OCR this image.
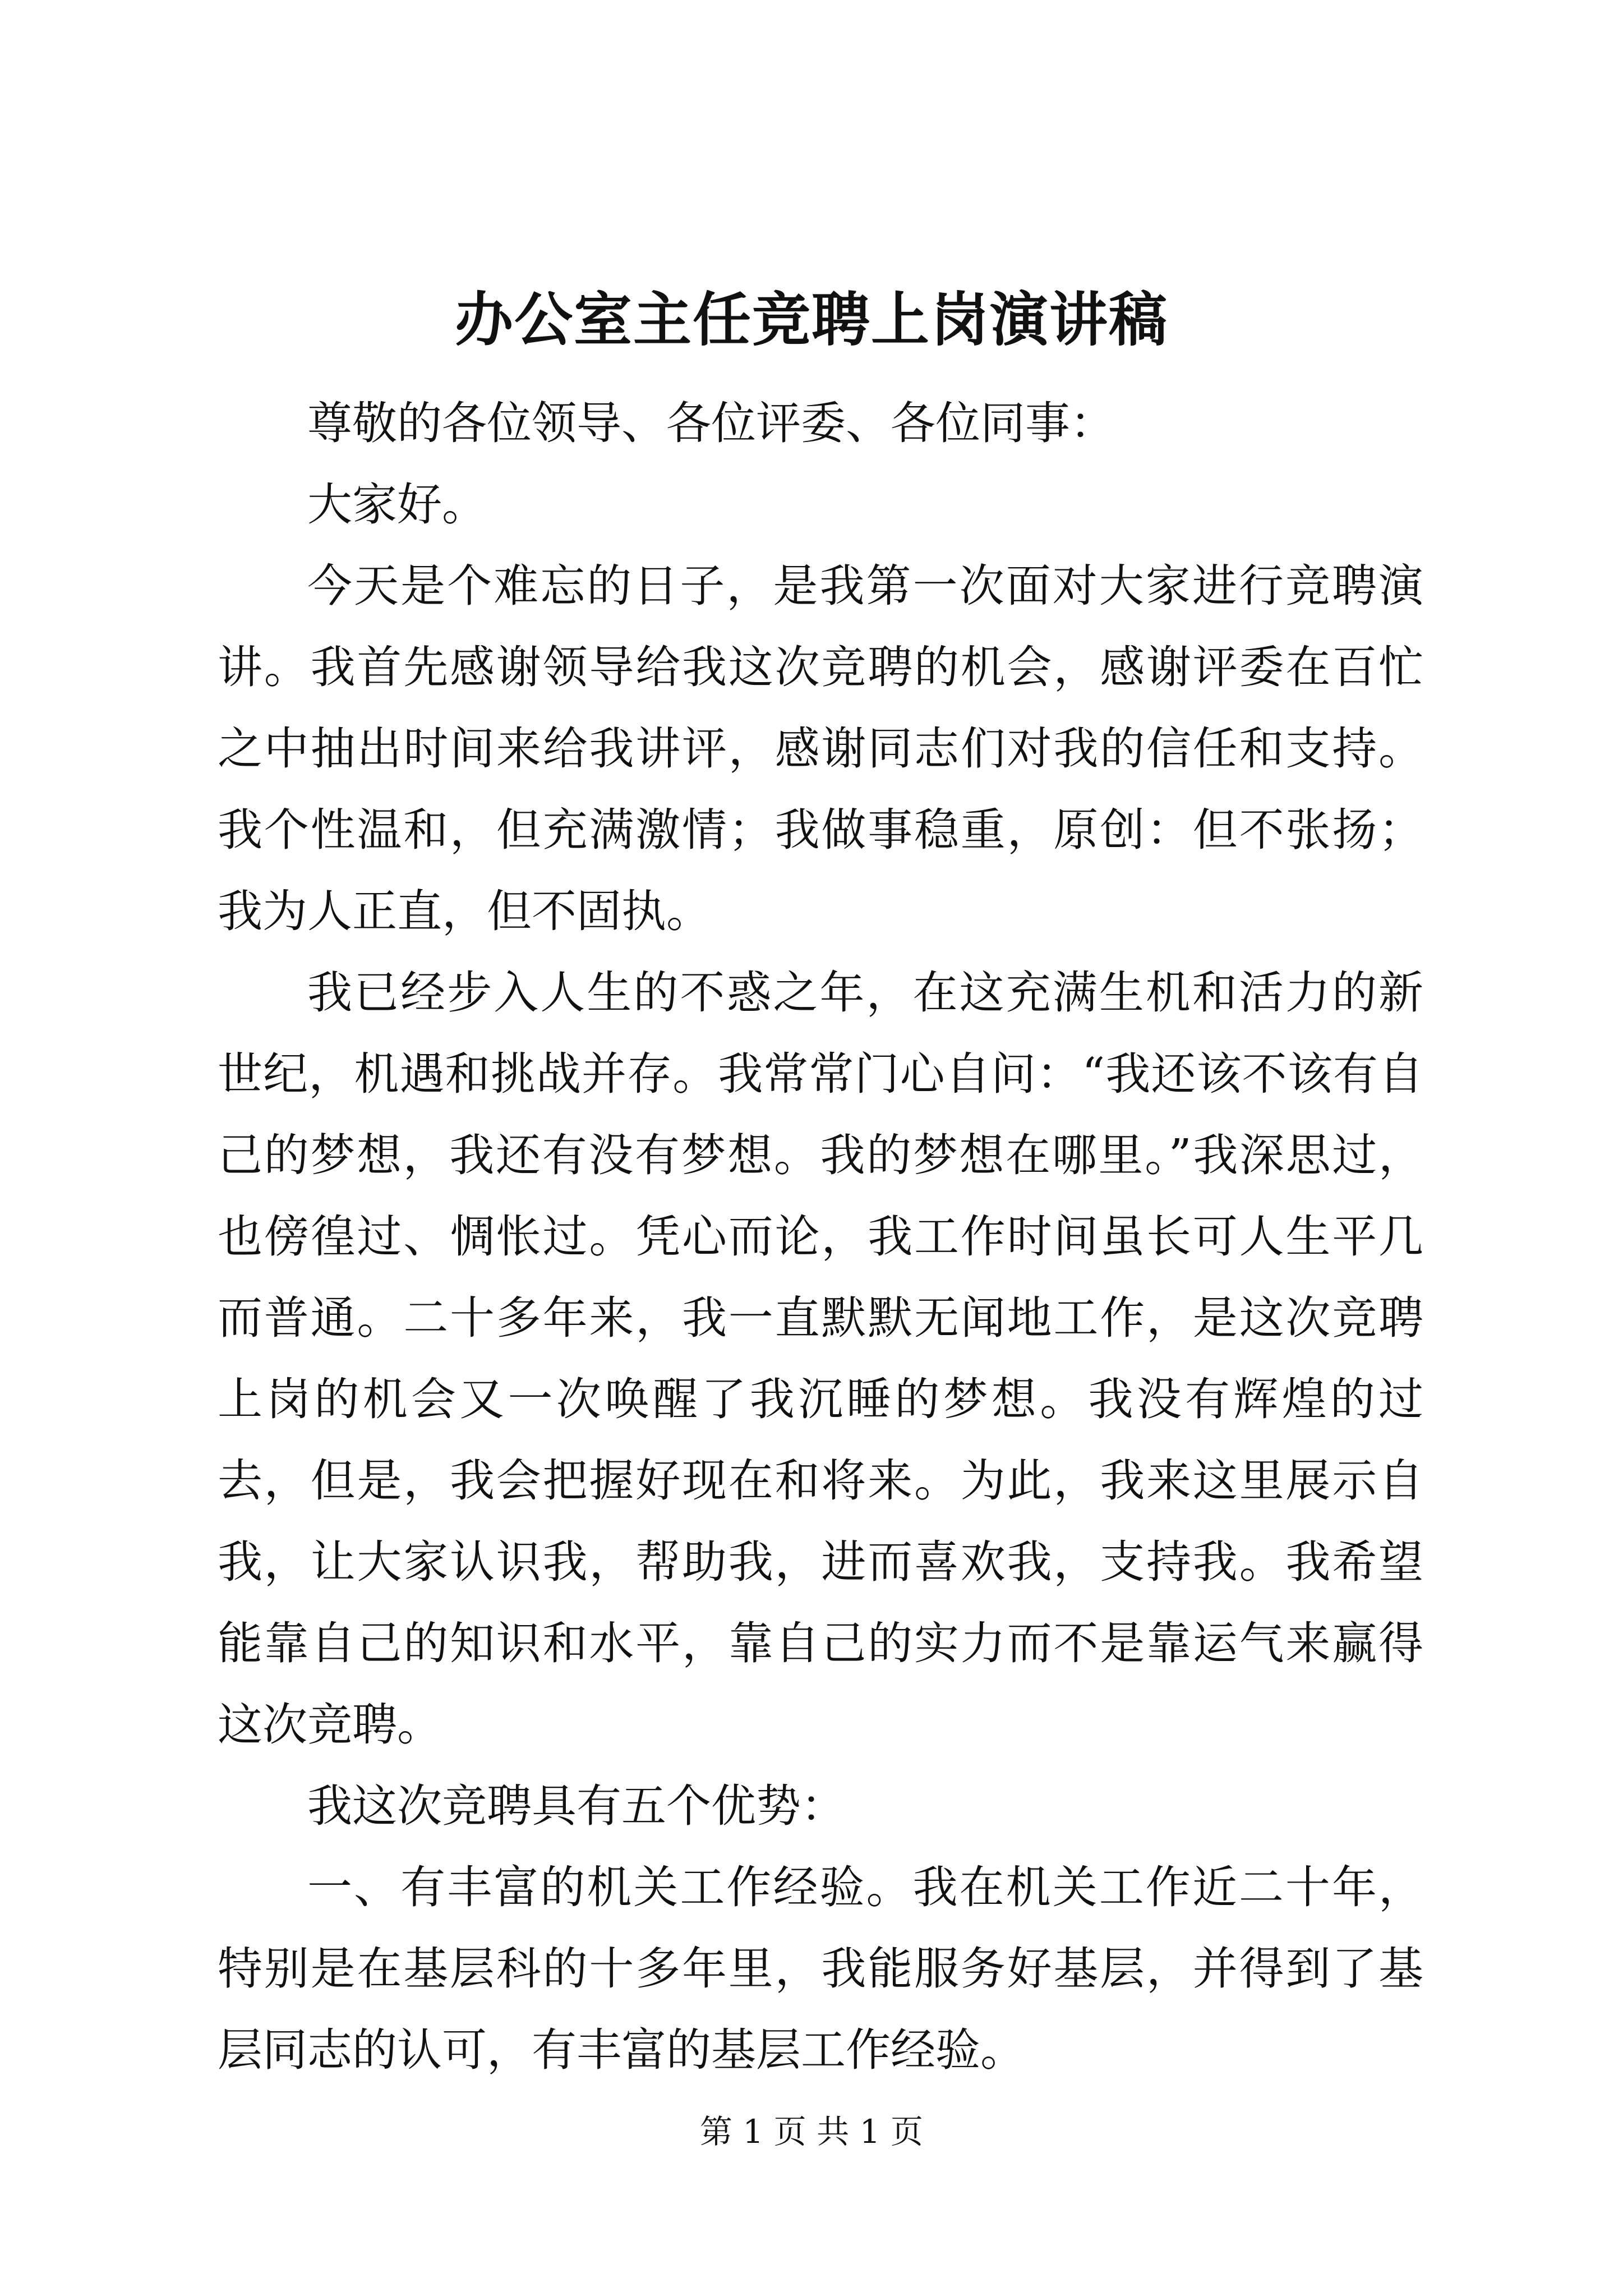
办公室主任竞聘上岗演讲稿

尊敬的各位领导、各位评委、各位同事：

大家好。

今天是个难忘的日子，是我第一次面对大家进行竞聘演讲。我首先感谢领导给我这次竞聘的机会，感谢评委在百忙之中抽出时间来给我讲评，感谢同志们对我的信任和支持。我个性温和，但充满激情；我做事稳重，原创：但不张扬；我为人正直，但不固执。

我已经步入人生的不惑之年，在这充满生机和活力的新世纪，机遇和挑战并存。我常常门心自问：“我还该不该有自己的梦想，我还有没有梦想。我的梦想在哪里。”我深思过，也傍徨过、惆怅过。凭心而论，我工作时间虽长可人生平几而普通。二十多年来，我一直默默无闻地工作，是这次竞聘上岗的机会又一次唤醒了我沉睡的梦想。我没有辉煌的过去，但是，我会把握好现在和将来。为此，我来这里展示自我，让大家认识我，帮助我，进而喜欢我，支持我。我希望能靠自己的知识和水平，靠自己的实力而不是靠运气来赢得这次竞聘。

我这次竞聘具有五个优势：

一、有丰富的机关工作经验。我在机关工作近二十年，特别是在基层科的十多年里，我能服务好基层，并得到了基层同志的认可，有丰富的基层工作经验。

第 1 页 共 1 页
